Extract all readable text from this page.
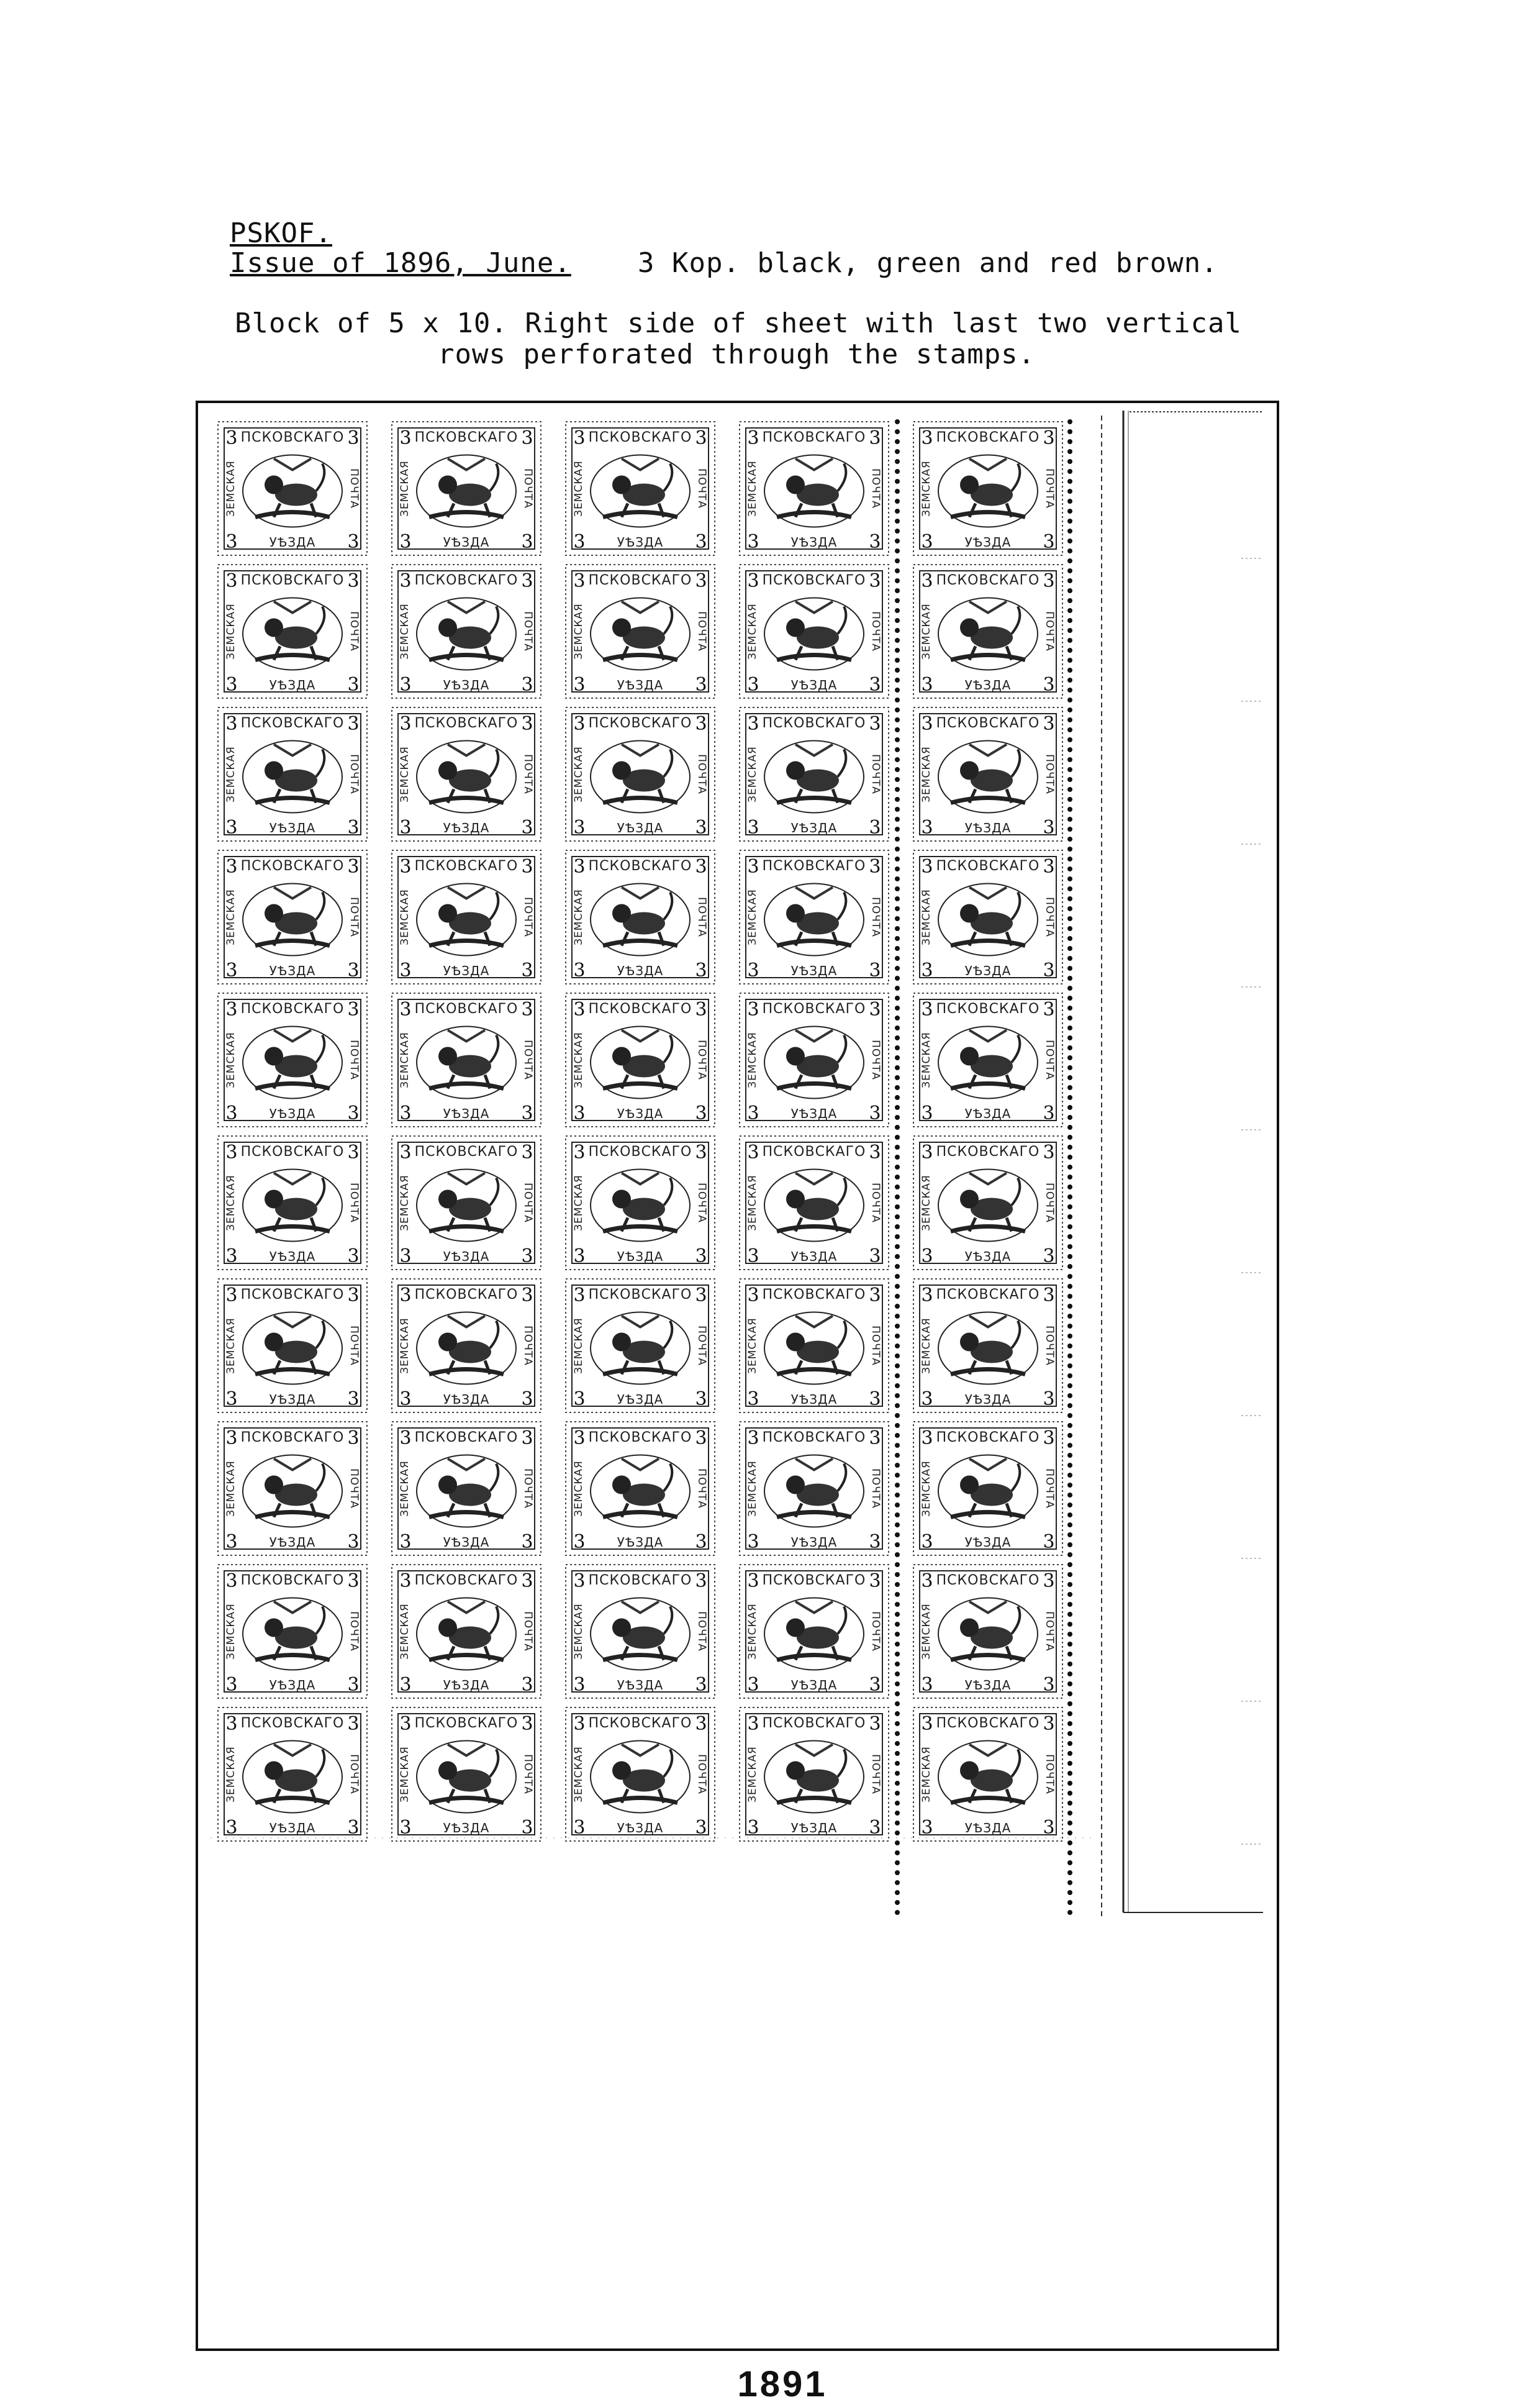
PSKOF.
Issue of 1896, June. 3 Kop. black, green and red brown.
Block of 5 x 10. Right side of sheet with last two vertical
rows perforated through the stamps.
ПСКОВСКАГО
УѢЗДА
ЗЕМСКАЯ	ПОЧТА
3	3
3	3
ПСКОВСКАГО
УѢЗДА
ЗЕМСКАЯ	ПОЧТА
3	3
3	3
ПСКОВСКАГО
УѢЗДА
ЗЕМСКАЯ	ПОЧТА
3	3
3	3
ПСКОВСКАГО
УѢЗДА
ЗЕМСКАЯ	ПОЧТА
3	3
3	3
ПСКОВСКАГО
УѢЗДА
ЗЕМСКАЯ	ПОЧТА
3	3
3	3
ПСКОВСКАГО
УѢЗДА
ЗЕМСКАЯ	ПОЧТА
3	3
3	3
ПСКОВСКАГО
УѢЗДА
ЗЕМСКАЯ	ПОЧТА
3	3
3	3
ПСКОВСКАГО
УѢЗДА
ЗЕМСКАЯ	ПОЧТА
3	3
3	3
ПСКОВСКАГО
УѢЗДА
ЗЕМСКАЯ	ПОЧТА
3	3
3	3
ПСКОВСКАГО
УѢЗДА
ЗЕМСКАЯ	ПОЧТА
3	3
3	3
ПСКОВСКАГО
УѢЗДА
ЗЕМСКАЯ	ПОЧТА
3	3
3	3
ПСКОВСКАГО
УѢЗДА
ЗЕМСКАЯ	ПОЧТА
3	3
3	3
ПСКОВСКАГО
УѢЗДА
ЗЕМСКАЯ	ПОЧТА
3	3
3	3
ПСКОВСКАГО
УѢЗДА
ЗЕМСКАЯ	ПОЧТА
3	3
3	3
ПСКОВСКАГО
УѢЗДА
ЗЕМСКАЯ	ПОЧТА
3	3
3	3
ПСКОВСКАГО
УѢЗДА
ЗЕМСКАЯ	ПОЧТА
3	3
3	3
ПСКОВСКАГО
УѢЗДА
ЗЕМСКАЯ	ПОЧТА
3	3
3	3
ПСКОВСКАГО
УѢЗДА
ЗЕМСКАЯ	ПОЧТА
3	3
3	3
ПСКОВСКАГО
УѢЗДА
ЗЕМСКАЯ	ПОЧТА
3	3
3	3
ПСКОВСКАГО
УѢЗДА
ЗЕМСКАЯ	ПОЧТА
3	3
3	3
ПСКОВСКАГО
УѢЗДА
ЗЕМСКАЯ	ПОЧТА
3	3
3	3
ПСКОВСКАГО
УѢЗДА
ЗЕМСКАЯ	ПОЧТА
3	3
3	3
ПСКОВСКАГО
УѢЗДА
ЗЕМСКАЯ	ПОЧТА
3	3
3	3
ПСКОВСКАГО
УѢЗДА
ЗЕМСКАЯ	ПОЧТА
3	3
3	3
ПСКОВСКАГО
УѢЗДА
ЗЕМСКАЯ	ПОЧТА
3	3
3	3
ПСКОВСКАГО
УѢЗДА
ЗЕМСКАЯ	ПОЧТА
3	3
3	3
ПСКОВСКАГО
УѢЗДА
ЗЕМСКАЯ	ПОЧТА
3	3
3	3
ПСКОВСКАГО
УѢЗДА
ЗЕМСКАЯ	ПОЧТА
3	3
3	3
ПСКОВСКАГО
УѢЗДА
ЗЕМСКАЯ	ПОЧТА
3	3
3	3
ПСКОВСКАГО
УѢЗДА
ЗЕМСКАЯ	ПОЧТА
3	3
3	3
ПСКОВСКАГО
УѢЗДА
ЗЕМСКАЯ	ПОЧТА
3	3
3	3
ПСКОВСКАГО
УѢЗДА
ЗЕМСКАЯ	ПОЧТА
3	3
3	3
ПСКОВСКАГО
УѢЗДА
ЗЕМСКАЯ	ПОЧТА
3	3
3	3
ПСКОВСКАГО
УѢЗДА
ЗЕМСКАЯ	ПОЧТА
3	3
3	3
ПСКОВСКАГО
УѢЗДА
ЗЕМСКАЯ	ПОЧТА
3	3
3	3
ПСКОВСКАГО
УѢЗДА
ЗЕМСКАЯ	ПОЧТА
3	3
3	3
ПСКОВСКАГО
УѢЗДА
ЗЕМСКАЯ	ПОЧТА
3	3
3	3
ПСКОВСКАГО
УѢЗДА
ЗЕМСКАЯ	ПОЧТА
3	3
3	3
ПСКОВСКАГО
УѢЗДА
ЗЕМСКАЯ	ПОЧТА
3	3
3	3
ПСКОВСКАГО
УѢЗДА
ЗЕМСКАЯ	ПОЧТА
3	3
3	3
ПСКОВСКАГО
УѢЗДА
ЗЕМСКАЯ	ПОЧТА
3	3
3	3
ПСКОВСКАГО
УѢЗДА
ЗЕМСКАЯ	ПОЧТА
3	3
3	3
ПСКОВСКАГО
УѢЗДА
ЗЕМСКАЯ	ПОЧТА
3	3
3	3
ПСКОВСКАГО
УѢЗДА
ЗЕМСКАЯ	ПОЧТА
3	3
3	3
ПСКОВСКАГО
УѢЗДА
ЗЕМСКАЯ	ПОЧТА
3	3
3	3
ПСКОВСКАГО
УѢЗДА
ЗЕМСКАЯ	ПОЧТА
3	3
3	3
ПСКОВСКАГО
УѢЗДА
ЗЕМСКАЯ	ПОЧТА
3	3
3	3
ПСКОВСКАГО
УѢЗДА
ЗЕМСКАЯ	ПОЧТА
3	3
3	3
ПСКОВСКАГО
УѢЗДА
ЗЕМСКАЯ	ПОЧТА
3	3
3	3
ПСКОВСКАГО
УѢЗДА
ЗЕМСКАЯ	ПОЧТА
3	3
3	3
1891
